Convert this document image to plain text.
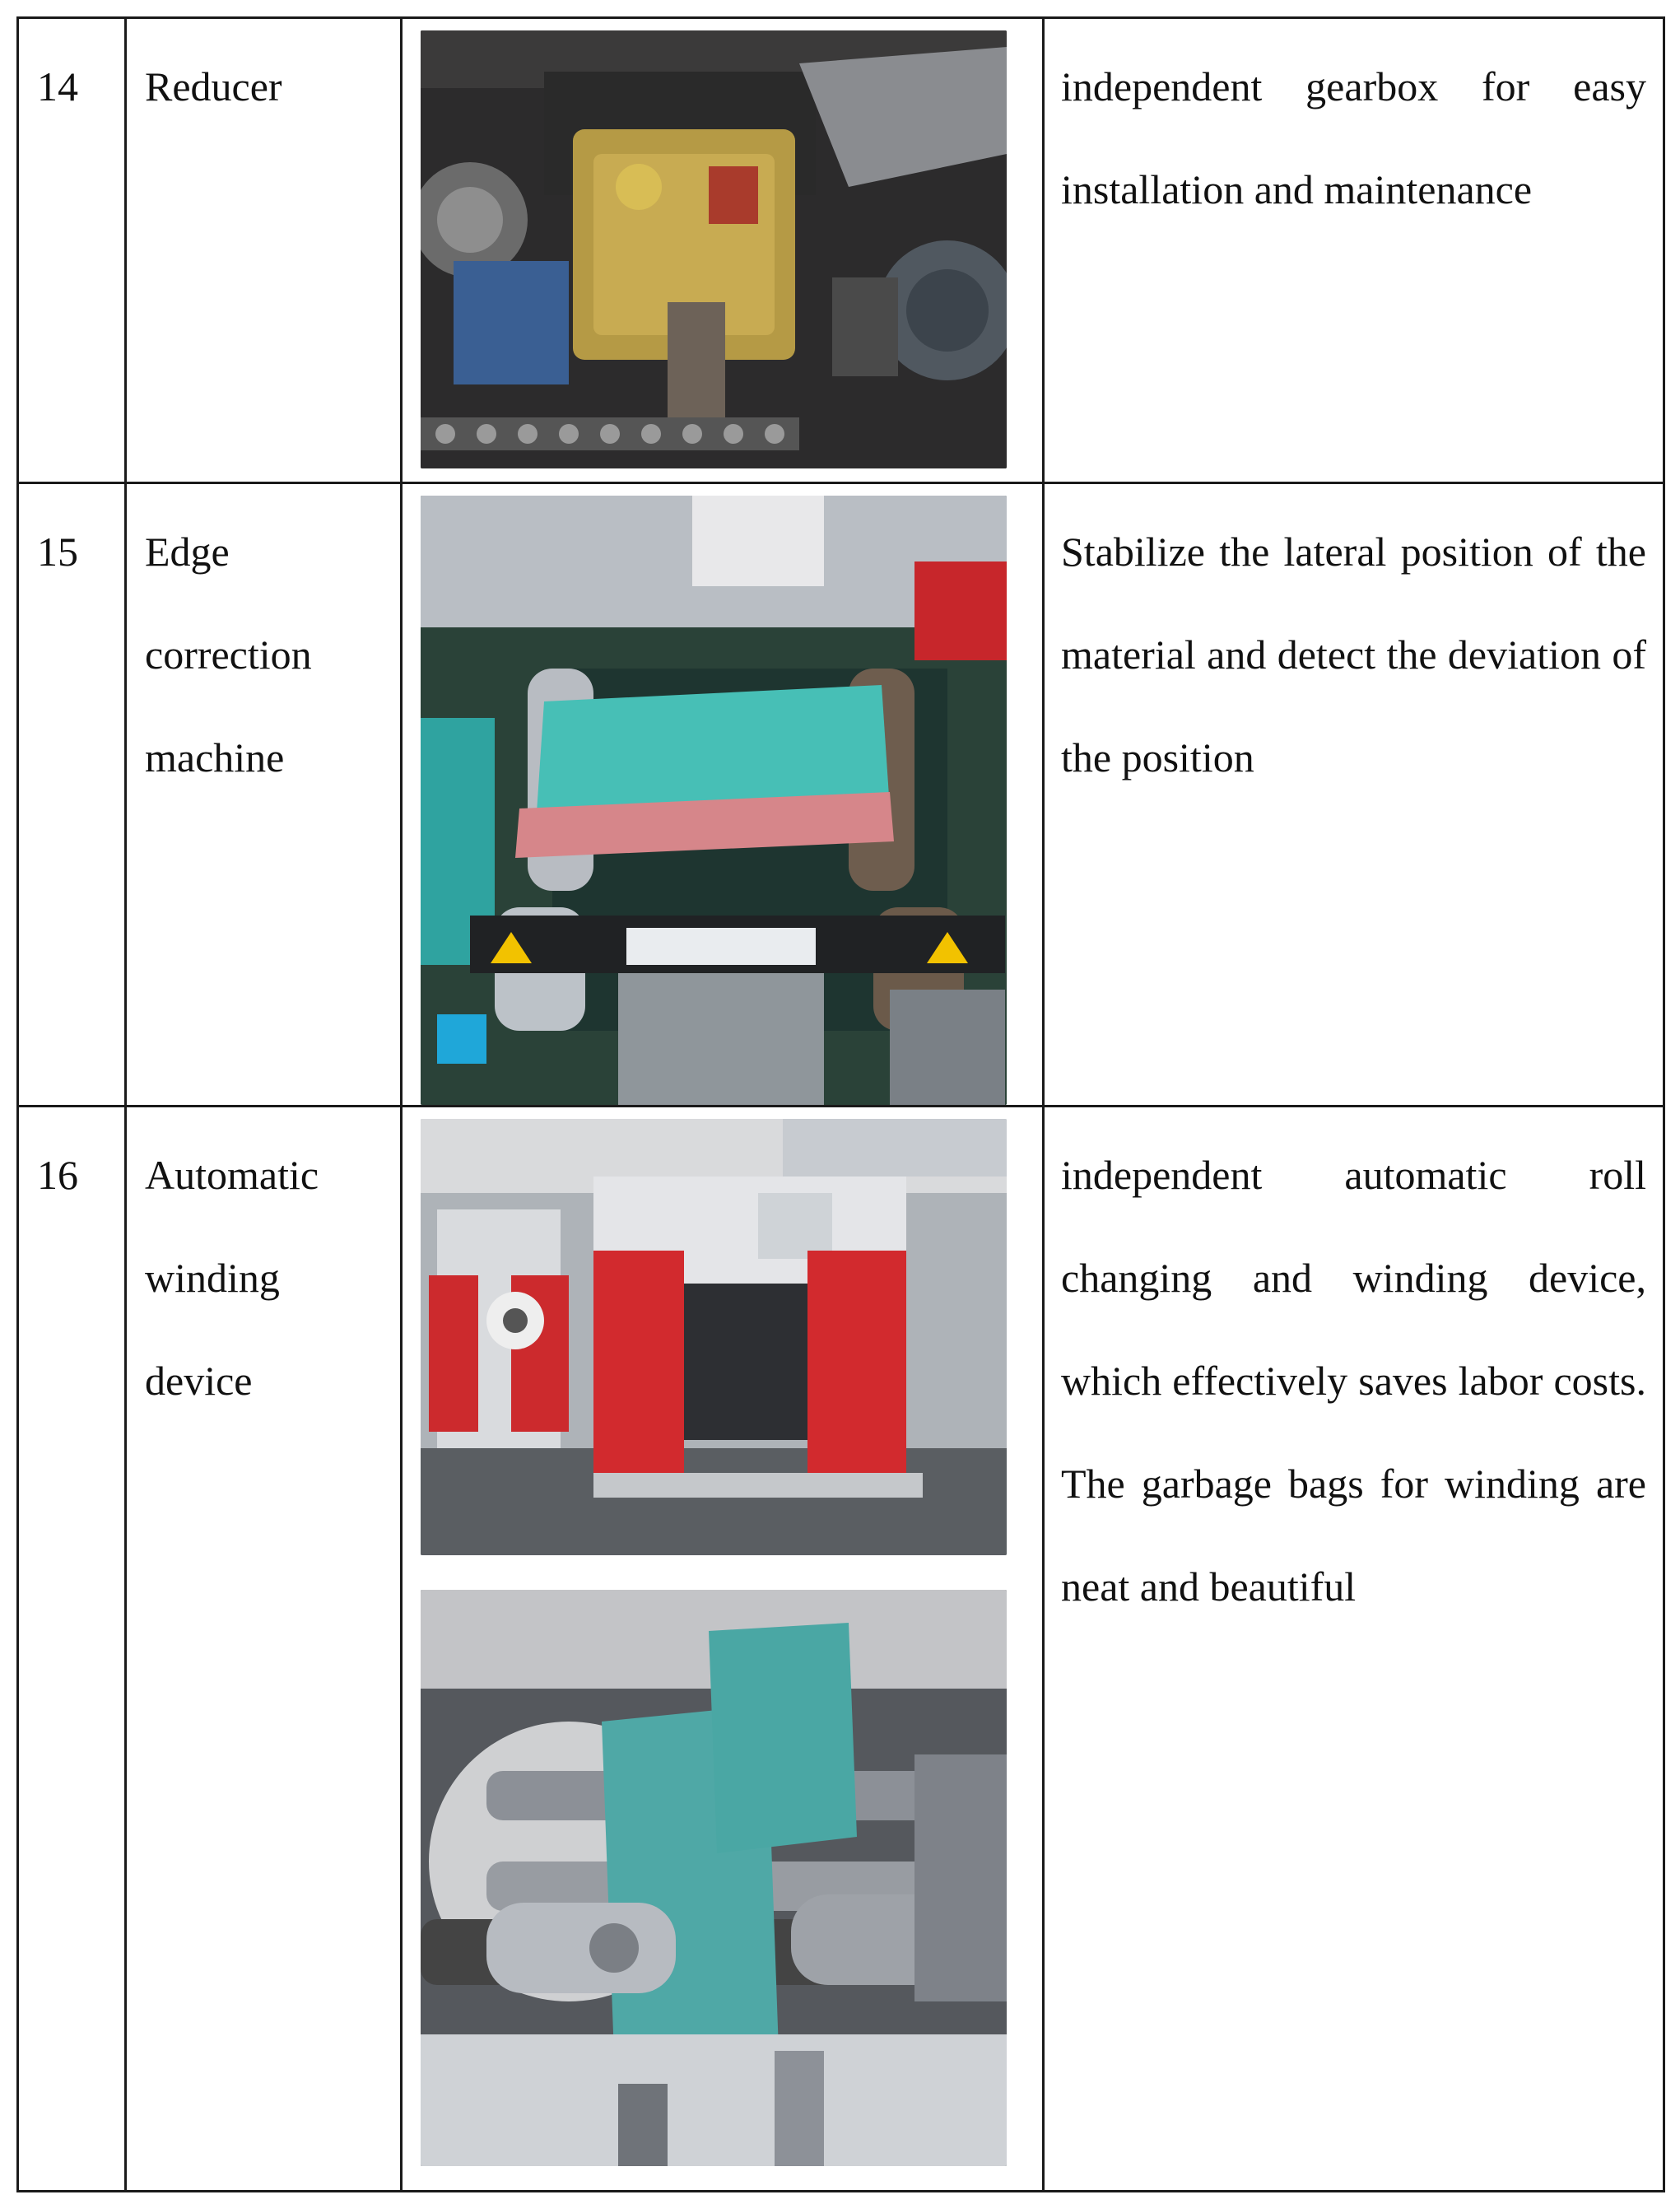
14	Reducer		independent gearbox for easy installation and maintenance

15	Edge
correction
machine		Stabilize the lateral position of the material and detect the deviation of the position

16	Automatic
winding
device		independent automatic roll changing and winding device, which effectively saves labor costs. The garbage bags for winding are neat and beautiful
